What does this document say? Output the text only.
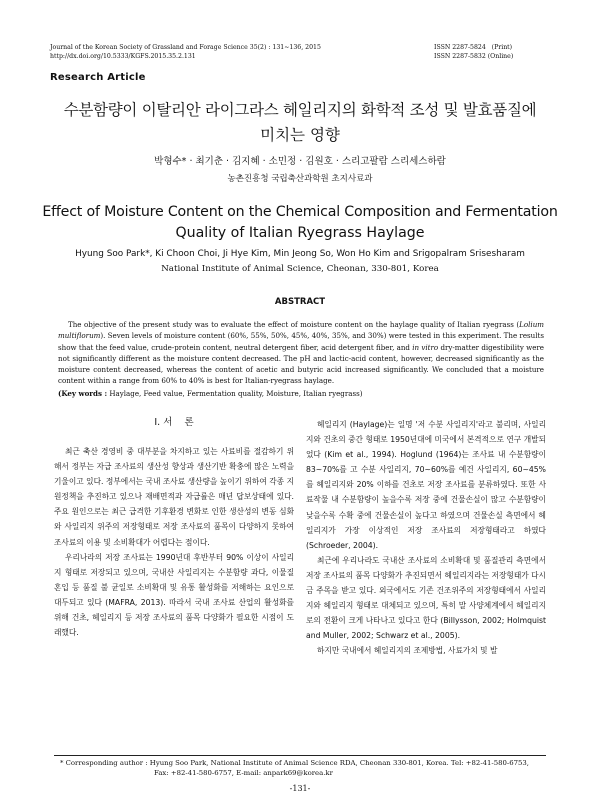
Journal of the Korean Society of Grassland and Forage Science 35(2) : 131~136, 2015
http://dx.doi.org/10.5333/KGFS.2015.35.2.131
ISSN 2287-5824   (Print)
ISSN 2287-5832 (Online)
Research Article
수분함량이 이탈리안 라이그라스 헤일리지의 화학적 조성 및 발효품질에
미치는 영향
박형수* · 최기춘 · 김지혜 · 소민정 · 김원호 · 스리고팔람 스리세스하람
농촌진흥청 국립축산과학원 초지사료과
Effect of Moisture Content on the Chemical Composition and Fermentation
Quality of Italian Ryegrass Haylage
Hyung Soo Park*, Ki Choon Choi, Ji Hye Kim, Min Jeong So, Won Ho Kim and Srigopalram Srisesharam
National Institute of Animal Science, Cheonan, 330-801, Korea
ABSTRACT
The objective of the present study was to evaluate the effect of moisture content on the haylage quality of Italian ryegrass (Lolium multiflorum). Seven levels of moisture content (60%, 55%, 50%, 45%, 40%, 35%, and 30%) were tested in this experiment. The results show that the feed value, crude-protein content, neutral detergent fiber, acid detergent fiber, and in vitro dry-matter digestibility were not significantly different as the moisture content decreased. The pH and lactic-acid content, however, decreased significantly as the moisture content decreased, whereas the content of acetic and butyric acid increased significantly. We concluded that a moisture content within a range from 60% to 40% is best for Italian-ryegrass haylage.
(Key words : Haylage, Feed value, Fermentation quality, Moisture, Italian ryegrass)
Ⅰ. 서    론

최근 축산 경영비 중 대부분을 차지하고 있는 사료비를 절감하기 위해서 정부는 자급 조사료의 생산성 향상과 생산기반 확충에 많은 노력을 기울이고 있다. 정부에서는 국내 조사료 생산량을 높이기 위하여 각종 지원정책을 추진하고 있으나 재배면적과 자급률은 매년 답보상태에 있다. 주요 원인으로는 최근 급격한 기후환경 변화로 인한 생산성의 변동 심화와 사일리지 위주의 저장형태로 저장 조사료의 품목이 다양하지 못하여 조사료의 이용 및 소비확대가 어렵다는 점이다.

우리나라의 저장 조사료는 1990년대 후반부터 90% 이상이 사일리지 형태로 저장되고 있으며, 국내산 사일리지는 수분함량 과다, 이물질 혼입 등 품질 불 균일로 소비확대 및 유통 활성화를 저해하는 요인으로 대두되고 있다 (MAFRA, 2013). 따라서 국내 조사료 산업의 활성화를 위해 건초, 헤일리지 등 저장 조사료의 품목 다양화가 필요한 시점이 도래했다.

헤일리지 (Haylage)는 일명 '저 수분 사일리지'라고 불리며, 사일리지와 건초의 중간 형태로 1950년대에 미국에서 본격적으로 연구 개발되었다 (Kim et al., 1994). Hoglund (1964)는 조사료 내 수분함량이 83~70%를 고 수분 사일리지, 70~60%를 예건 사일리지, 60~45%를 헤일리지와 20% 이하를 건초로 저장 조사료를 분류하였다. 또한 사료작물 내 수분함량이 높을수록 저장 중에 건물손실이 많고 수분함량이 낮을수록 수확 중에 건물손실이 높다고 하였으며 건물손실 측면에서 헤일리지가 가장 이상적인 저장 조사료의 저장형태라고 하였다 (Schroeder, 2004).

최근에 우리나라도 국내산 조사료의 소비확대 및 품질관리 측면에서 저장 조사료의 품목 다양화가 추진되면서 헤일리지라는 저장형태가 다시금 주목을 받고 있다. 외국에서도 기존 건조위주의 저장형태에서 사일리지와 헤일리지 형태로 대체되고 있으며, 특히 말 사양체계에서 헤일리지로의 전환이 크게 나타나고 있다고 한다 (Billysson, 2002; Holmquist and Muller, 2002; Schwarz et al., 2005).

하지만 국내에서 헤일리지의 조제방법, 사료가치 및 발

* Corresponding author : Hyung Soo Park, National Institute of Animal Science RDA, Cheonan 330-801, Korea. Tel: +82-41-580-6753,
Fax: +82-41-580-6757, E-mail: anpark69@korea.kr
-131-
